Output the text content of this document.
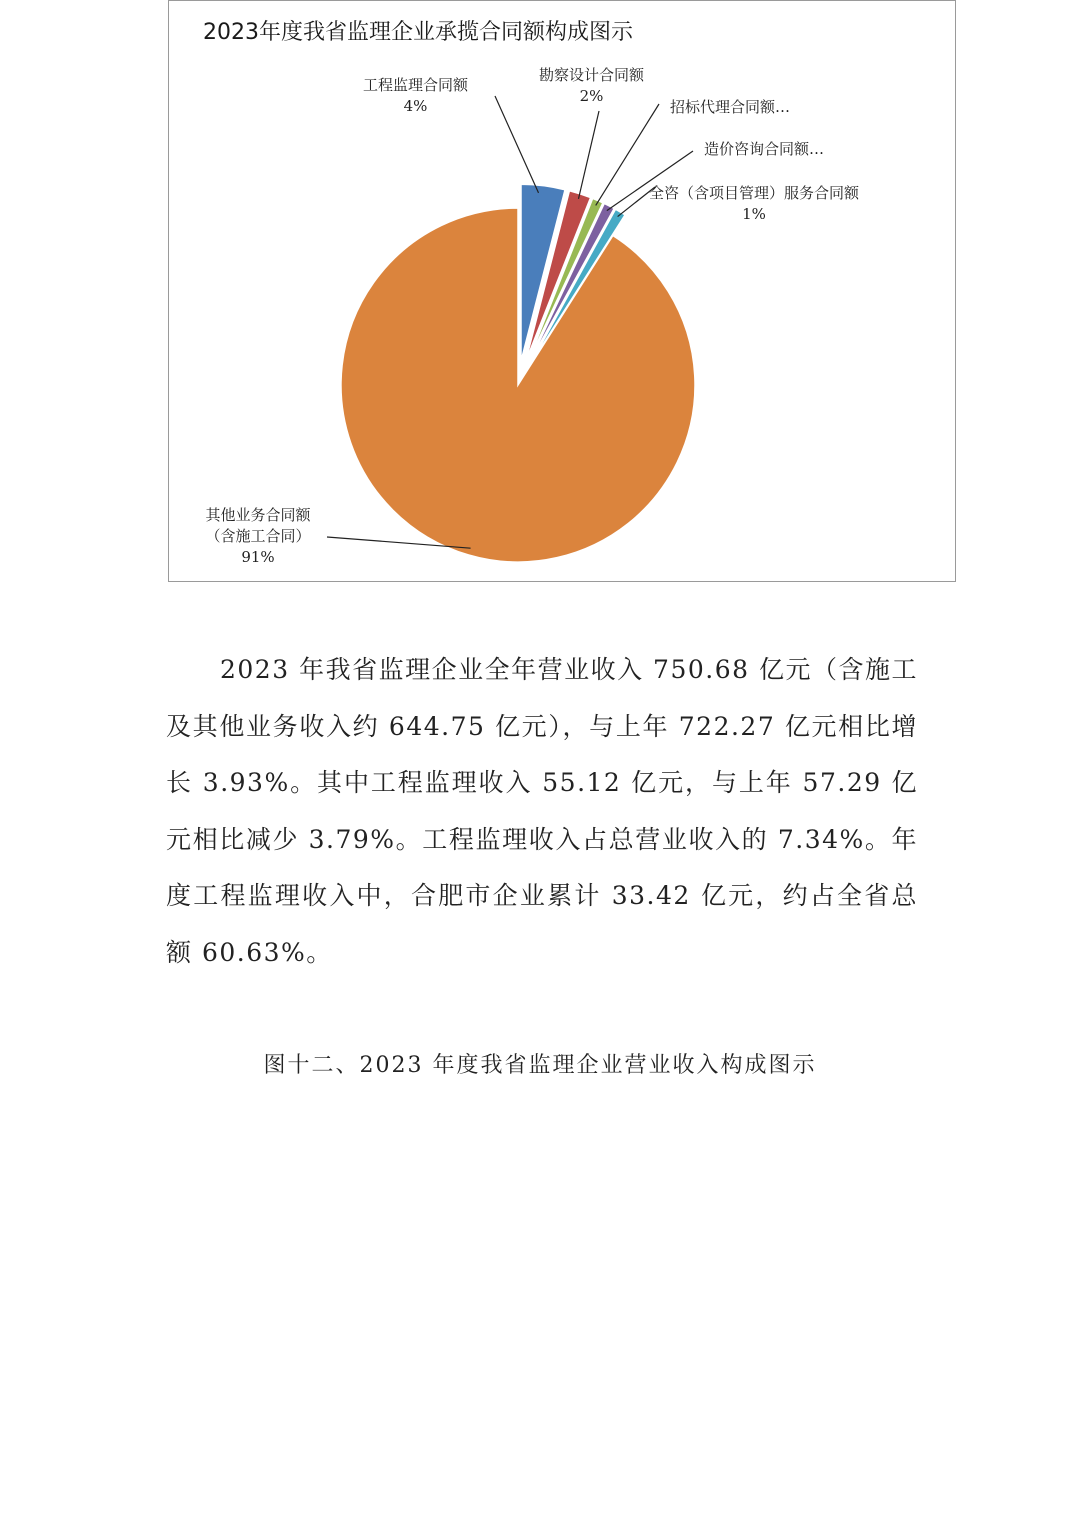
2023年度我省监理企业承揽合同额构成图示
工程监理合同额
4%
勘察设计合同额
2%
招标代理合同额…
造价咨询合同额…
全咨（含项目管理）服务合同额
1%
其他业务合同额
（含施工合同）
91%

2023 年我省监理企业全年营业收入 750.68 亿元（含施工及其他业务收入约 644.75 亿元），与上年 722.27 亿元相比增长 3.93%。其中工程监理收入 55.12 亿元，与上年 57.29 亿元相比减少 3.79%。工程监理收入占总营业收入的 7.34%。年度工程监理收入中，合肥市企业累计 33.42 亿元，约占全省总额 60.63%。

图十二、2023 年度我省监理企业营业收入构成图示
